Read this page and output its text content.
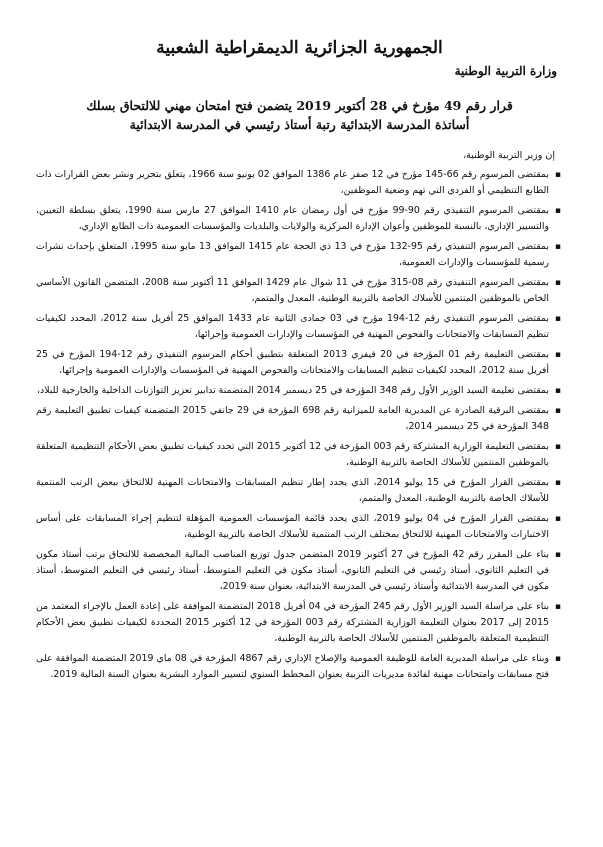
الجمهورية الجزائرية الديمقراطية الشعبية
وزارة التربية الوطنية
قرار رقم 49 مؤرخ في 28 أكتوبر 2019 يتضمن فتح امتحان مهني للالتحاق بسلك
أساتذة المدرسة الابتدائية رتبة أستاذ رئيسي في المدرسة الابتدائية
إن وزير التربية الوطنية،
▪
بمقتضى المرسوم رقم 66-145 مؤرخ في 12 صفر عام 1386 الموافق 02 يونيو سنة 1966، يتعلق بتحرير ونشر بعض القرارات ذات الطابع التنظيمي أو الفردي التي تهم وضعية الموظفين،
▪
بمقتضى المرسوم التنفيذي رقم 90-99 مؤرخ في أول رمضان عام 1410 الموافق 27 مارس سنة 1990، يتعلق بسلطة التعيين، والتسيير الإداري، بالنسبة للموظفين وأعوان الإدارة المركزية والولايات والبلديات والمؤسسات العمومية ذات الطابع الإداري،
▪
بمقتضى المرسوم التنفيذي رقم 95-132 مؤرخ في 13 ذي الحجة عام 1415 الموافق 13 مايو سنة 1995، المتعلق بإحداث نشرات رسمية للمؤسسات والإدارات العمومية،
▪
بمقتضى المرسوم التنفيذي رقم 08-315 مؤرخ في 11 شوال عام 1429 الموافق 11 أكتوبر سنة 2008، المتضمن القانون الأساسي الخاص بالموظفين المنتمين للأسلاك الخاصة بالتربية الوطنية، المعدل والمتمم،
▪
بمقتضى المرسوم التنفيذي رقم 12-194 مؤرخ في 03 جمادى الثانية عام 1433 الموافق 25 أفريل سنة 2012، المحدد لكيفيات تنظيم المسابقات والامتحانات والفحوص المهنية في المؤسسات والإدارات العمومية وإجرائها،
▪
بمقتضى التعليمة رقم 01 المؤرخة في 20 فيفري 2013 المتعلقة بتطبيق أحكام المرسوم التنفيذي رقم 12-194 المؤرخ في 25 أفريل سنة 2012، المحدد لكيفيات تنظيم المسابقات والامتحانات والفحوص المهنية في المؤسسات والإدارات العمومية وإجرائها،
▪
بمقتضى تعليمة السيد الوزير الأول رقم 348 المؤرخة في 25 ديسمبر 2014 المتضمنة تدابير تعزيز التوازنات الداخلية والخارجية للبلاد،
▪
بمقتضى البرقية الصادرة عن المديرية العامة للميزانية رقم 698 المؤرخة في 29 جانفي 2015 المتضمنة كيفيات تطبيق التعليمة رقم 348 المؤرخة في 25 ديسمبر 2014،
▪
بمقتضى التعليمة الوزارية المشتركة رقم 003 المؤرخة في 12 أكتوبر 2015 التي تحدد كيفيات تطبيق بعض الأحكام التنظيمية المتعلقة بالموظفين المنتمين للأسلاك الخاصة بالتربية الوطنية،
▪
بمقتضى القرار المؤرخ في 15 يوليو 2014، الذي يحدد إطار تنظيم المسابقات والامتحانات المهنية للالتحاق ببعض الرتب المنتمية للأسلاك الخاصة بالتربية الوطنية، المعدل والمتمم،
▪
بمقتضى القرار المؤرخ في 04 يوليو 2019، الذي يحدد قائمة المؤسسات العمومية المؤهلة لتنظيم إجراء المسابقات على أساس الاختبارات والامتحانات المهنية للالتحاق بمختلف الرتب المنتمية للأسلاك الخاصة بالتربية الوطنية،
▪
بناء على المقرر رقم 42 المؤرخ في 27 أكتوبر 2019 المتضمن جدول توزيع المناصب المالية المخصصة للالتحاق برتب أستاذ مكون في التعليم الثانوي، أستاذ رئيسي في التعليم الثانوي، أستاذ مكون في التعليم المتوسط، أستاذ رئيسي في التعليم المتوسط، أستاذ مكون في المدرسة الابتدائية وأستاذ رئيسي في المدرسة الابتدائية، بعنوان سنة 2019،
▪
بناء على مراسلة السيد الوزير الأول رقم 245 المؤرخة في 04 أفريل 2018 المتضمنة الموافقة على إعادة العمل بالإجراء المعتمد من 2015 إلى 2017 بعنوان التعليمة الوزارية المشتركة رقم 003 المؤرخة في 12 أكتوبر 2015 المحددة لكيفيات تطبيق بعض الأحكام التنظيمية المتعلقة بالموظفين المنتمين للأسلاك الخاصة بالتربية الوطنية،
▪
وبناء على مراسلة المديرية العامة للوظيفة العمومية والإصلاح الإداري رقم 4867 المؤرخة في 08 ماي 2019 المتضمنة الموافقة على فتح مسابقات وامتحانات مهنية لفائدة مديريات التربية بعنوان المخطط السنوي لتسيير الموارد البشرية بعنوان السنة المالية 2019.
